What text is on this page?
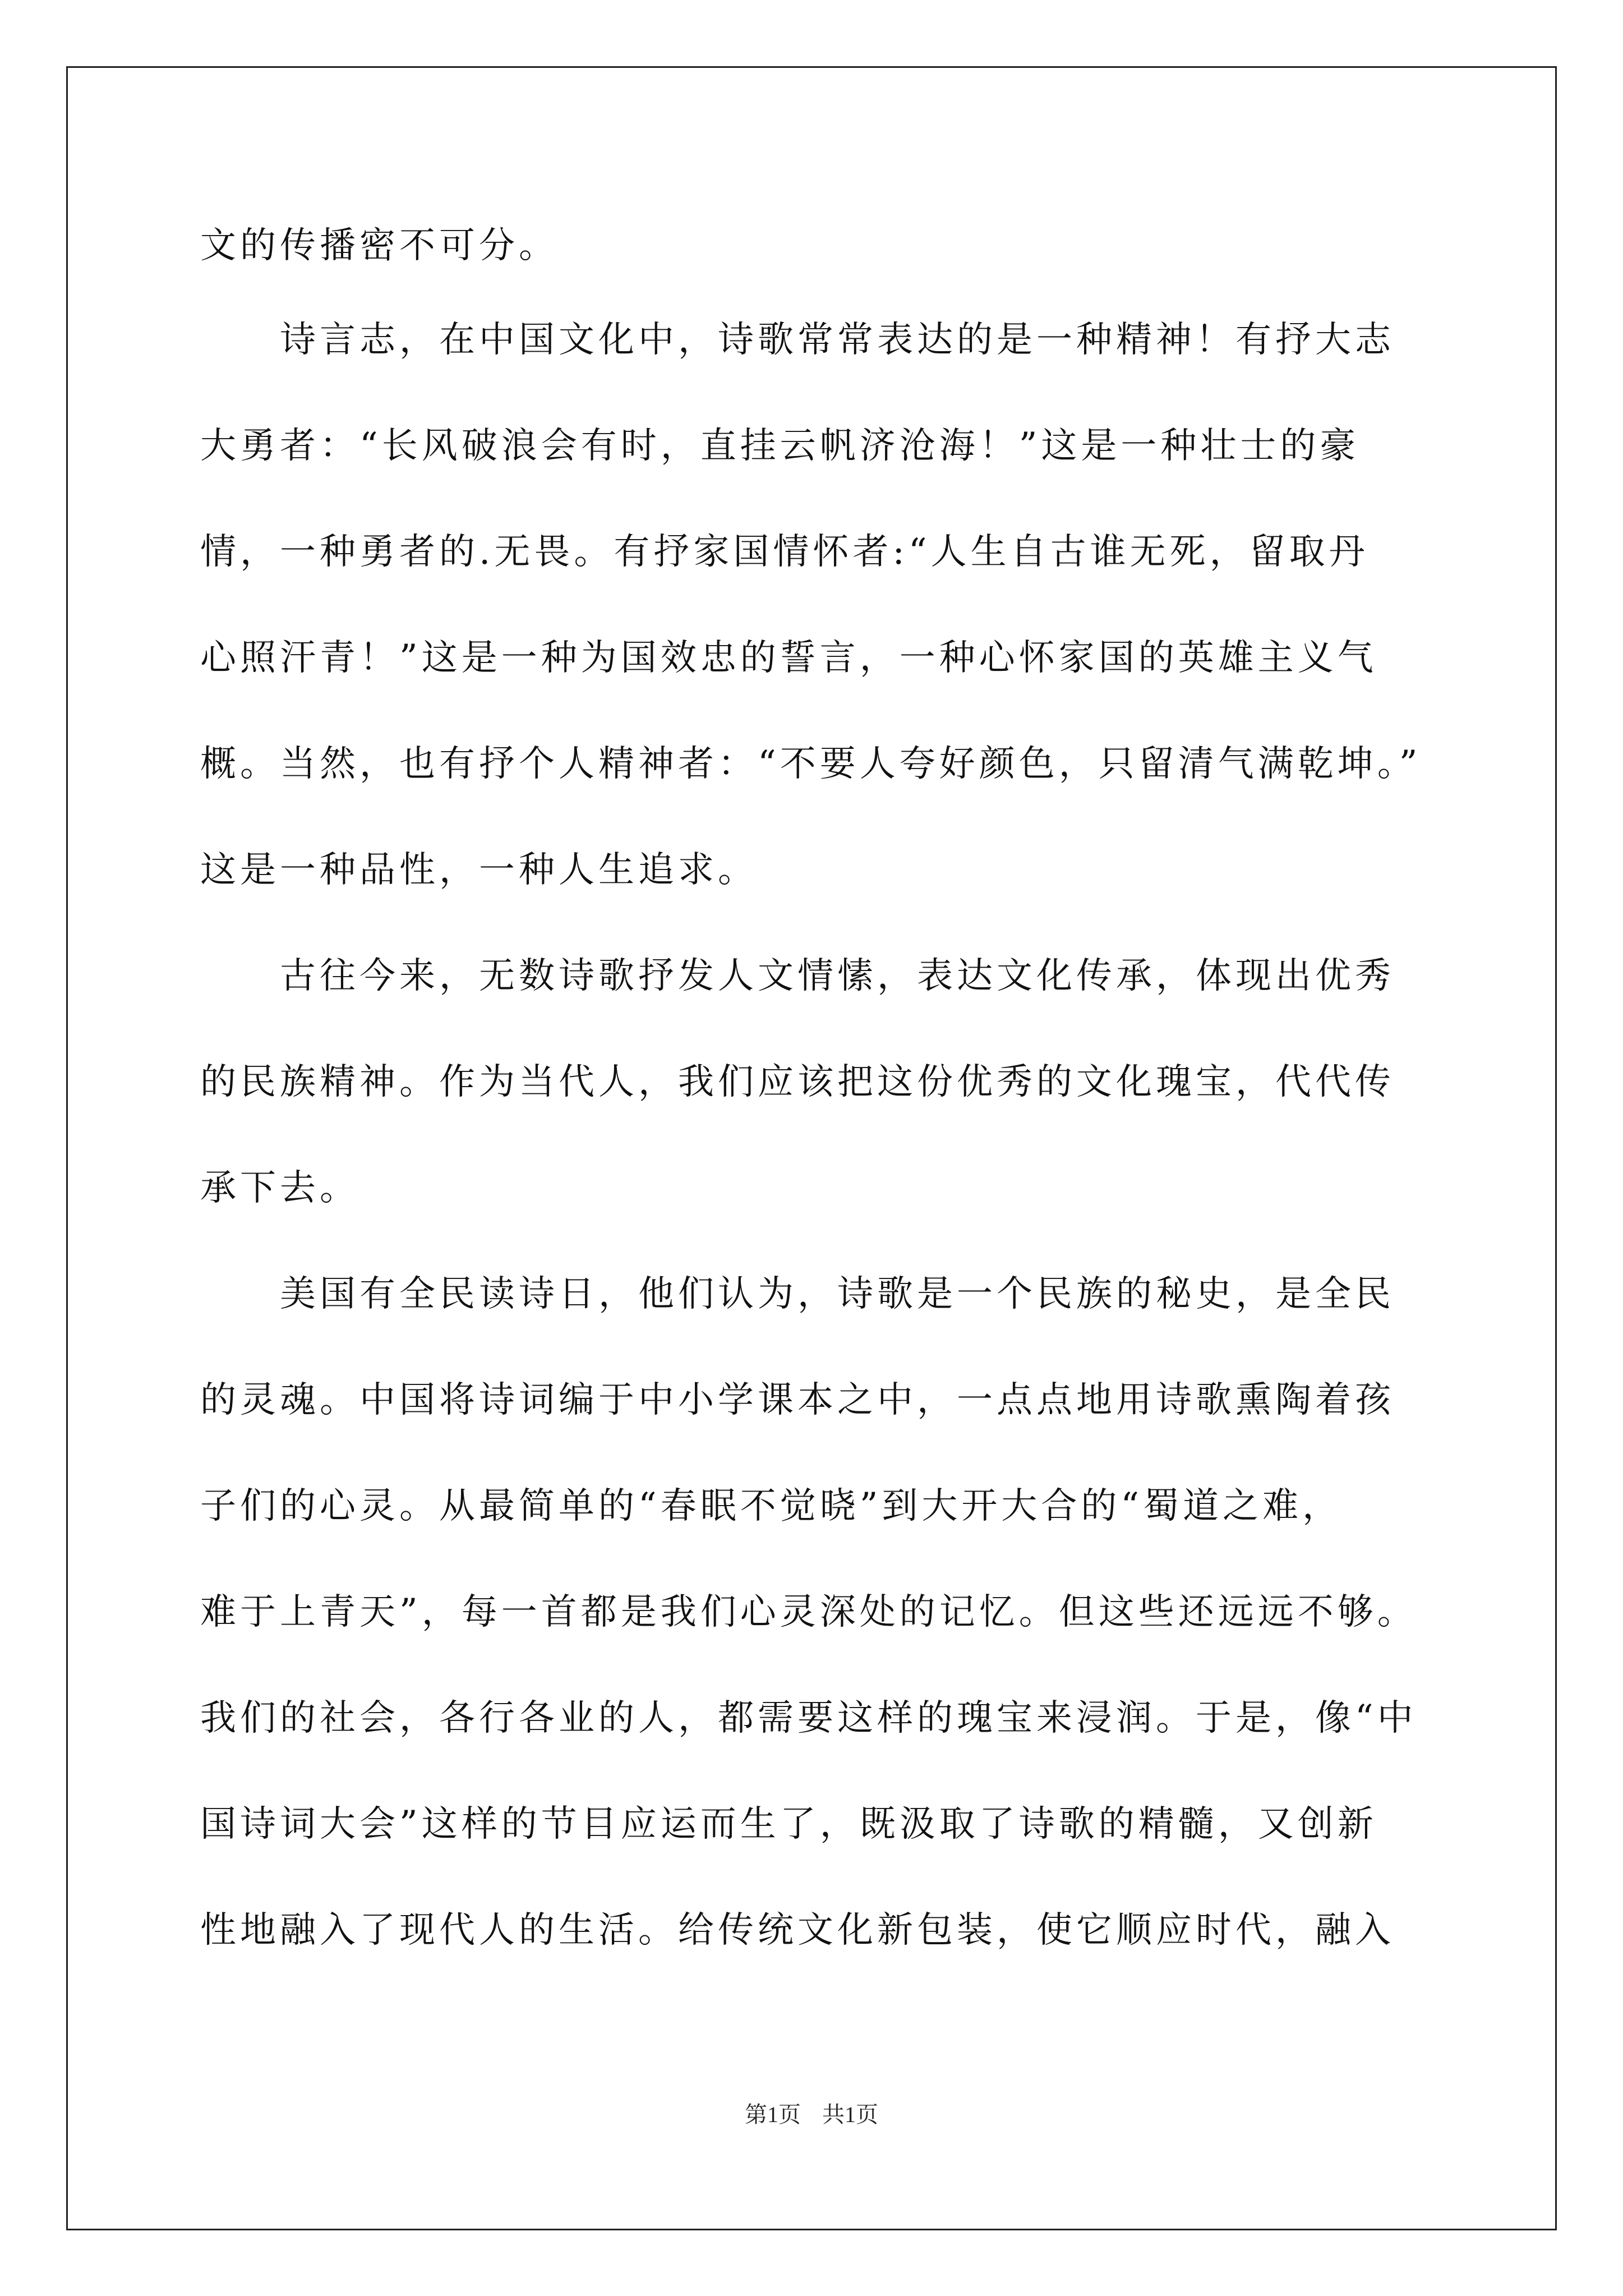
文的传播密不可分。
　　诗言志，在中国文化中，诗歌常常表达的是一种精神！有抒大志
大勇者：“长风破浪会有时，直挂云帆济沧海！”这是一种壮士的豪
情，一种勇者的.无畏。有抒家国情怀者:“人生自古谁无死，留取丹
心照汗青！”这是一种为国效忠的誓言，一种心怀家国的英雄主义气
概。当然，也有抒个人精神者：“不要人夸好颜色，只留清气满乾坤。”
这是一种品性，一种人生追求。
　　古往今来，无数诗歌抒发人文情愫，表达文化传承，体现出优秀
的民族精神。作为当代人，我们应该把这份优秀的文化瑰宝，代代传
承下去。
　　美国有全民读诗日，他们认为，诗歌是一个民族的秘史，是全民
的灵魂。中国将诗词编于中小学课本之中，一点点地用诗歌熏陶着孩
子们的心灵。从最简单的“春眠不觉晓”到大开大合的“蜀道之难，
难于上青天”，每一首都是我们心灵深处的记忆。但这些还远远不够。
我们的社会，各行各业的人，都需要这样的瑰宝来浸润。于是，像“中
国诗词大会”这样的节目应运而生了，既汲取了诗歌的精髓，又创新
性地融入了现代人的生活。给传统文化新包装，使它顺应时代，融入
第1页 共1页
